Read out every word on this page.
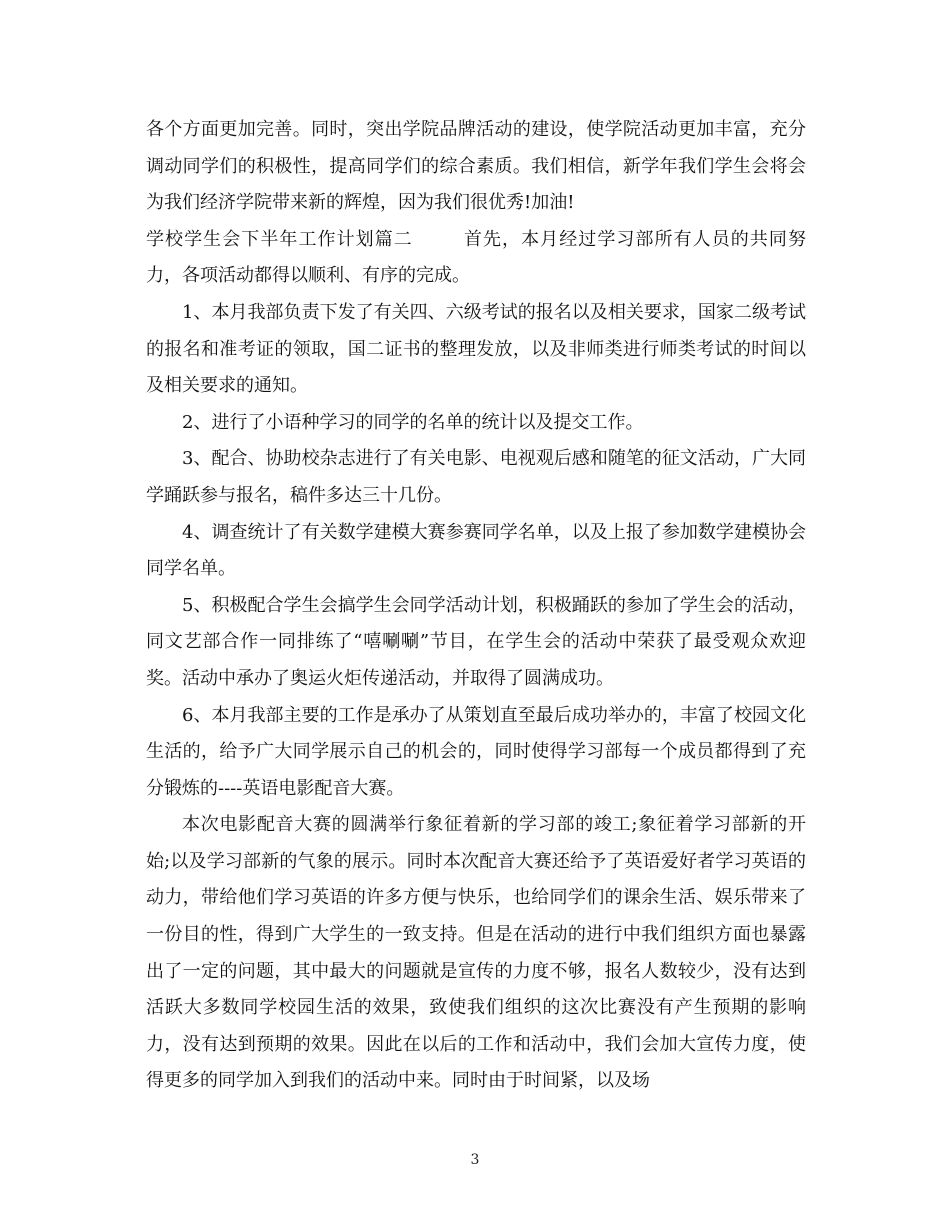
各个方面更加完善。同时，突出学院品牌活动的建设，使学院活动更加丰富，充分调动同学们的积极性，提高同学们的综合素质。我们相信，新学年我们学生会将会为我们经济学院带来新的辉煌，因为我们很优秀!加油!

学校学生会下半年工作计划篇二	首先，本月经过学习部所有人员的共同努力，各项活动都得以顺利、有序的完成。

1、本月我部负责下发了有关四、六级考试的报名以及相关要求，国家二级考试的报名和准考证的领取，国二证书的整理发放，以及非师类进行师类考试的时间以及相关要求的通知。

2、进行了小语种学习的同学的名单的统计以及提交工作。

3、配合、协助校杂志进行了有关电影、电视观后感和随笔的征文活动，广大同学踊跃参与报名，稿件多达三十几份。

4、调查统计了有关数学建模大赛参赛同学名单，以及上报了参加数学建模协会同学名单。

5、积极配合学生会搞学生会同学活动计划，积极踊跃的参加了学生会的活动，同文艺部合作一同排练了“嘻唰唰”节目，在学生会的活动中荣获了最受观众欢迎奖。活动中承办了奥运火炬传递活动，并取得了圆满成功。

6、本月我部主要的工作是承办了从策划直至最后成功举办的，丰富了校园文化生活的，给予广大同学展示自己的机会的，同时使得学习部每一个成员都得到了充分锻炼的----英语电影配音大赛。

本次电影配音大赛的圆满举行象征着新的学习部的竣工;象征着学习部新的开始;以及学习部新的气象的展示。同时本次配音大赛还给予了英语爱好者学习英语的动力，带给他们学习英语的许多方便与快乐，也给同学们的课余生活、娱乐带来了一份目的性，得到广大学生的一致支持。但是在活动的进行中我们组织方面也暴露出了一定的问题，其中最大的问题就是宣传的力度不够，报名人数较少，没有达到活跃大多数同学校园生活的效果，致使我们组织的这次比赛没有产生预期的影响力，没有达到预期的效果。因此在以后的工作和活动中，我们会加大宣传力度，使得更多的同学加入到我们的活动中来。同时由于时间紧，以及场

3
